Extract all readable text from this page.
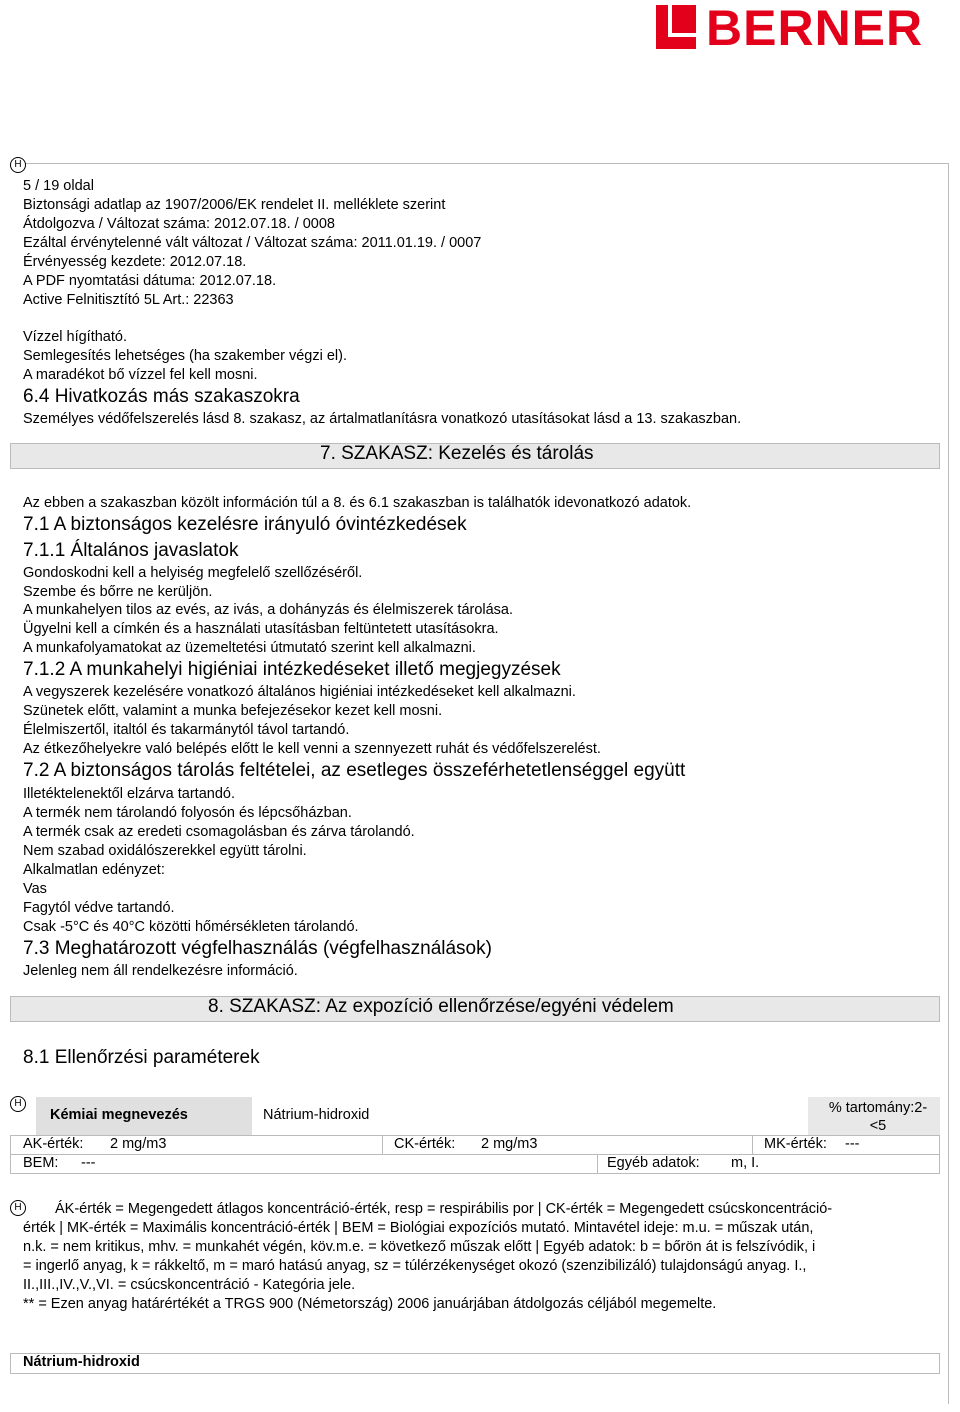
BERNER
H
5 / 19 oldal
Biztonsági adatlap az 1907/2006/EK rendelet II. melléklete szerint
Átdolgozva / Változat száma: 2012.07.18. / 0008
Ezáltal érvénytelenné vált változat / Változat száma: 2011.01.19. / 0007
Érvényesség kezdete: 2012.07.18.
A PDF nyomtatási dátuma: 2012.07.18.
Active Felnitisztító 5L Art.: 22363
Vízzel hígítható.
Semlegesítés lehetséges (ha szakember végzi el).
A maradékot bő vízzel fel kell mosni.
6.4 Hivatkozás más szakaszokra
Személyes védőfelszerelés lásd 8. szakasz, az ártalmatlanításra vonatkozó utasításokat lásd a 13. szakaszban.
7. SZAKASZ: Kezelés és tárolás
Az ebben a szakaszban közölt információn túl a 8. és 6.1 szakaszban is találhatók idevonatkozó adatok.
7.1 A biztonságos kezelésre irányuló óvintézkedések
7.1.1 Általános javaslatok
Gondoskodni kell a helyiség megfelelő szellőzéséről.
Szembe és bőrre ne kerüljön.
A munkahelyen tilos az evés, az ivás, a dohányzás és élelmiszerek tárolása.
Ügyelni kell a címkén és a használati utasításban feltüntetett utasításokra.
A munkafolyamatokat az üzemeltetési útmutató szerint kell alkalmazni.
7.1.2 A munkahelyi higiéniai intézkedéseket illető megjegyzések
A vegyszerek kezelésére vonatkozó általános higiéniai intézkedéseket kell alkalmazni.
Szünetek előtt, valamint a munka befejezésekor kezet kell mosni.
Élelmiszertől, italtól és takarmánytól távol tartandó.
Az étkezőhelyekre való belépés előtt le kell venni a szennyezett ruhát és védőfelszerelést.
7.2 A biztonságos tárolás feltételei, az esetleges összeférhetetlenséggel együtt
Illetéktelenektől elzárva tartandó.
A termék nem tárolandó folyosón és lépcsőházban.
A termék csak az eredeti csomagolásban és zárva tárolandó.
Nem szabad oxidálószerekkel együtt tárolni.
Alkalmatlan edényzet:
Vas
Fagytól védve tartandó.
Csak -5°C és 40°C közötti hőmérsékleten tárolandó.
7.3 Meghatározott végfelhasználás (végfelhasználások)
Jelenleg nem áll rendelkezésre információ.
8. SZAKASZ: Az expozíció ellenőrzése/egyéni védelem
8.1 Ellenőrzési paraméterek
H
Kémiai megnevezés	Nátrium-hidroxid	% tartomány:2-<5
AK-érték: 2 mg/m3	CK-érték: 2 mg/m3	MK-érték: ---
BEM: ---	Egyéb adatok: m, I.
H	ÁK-érték = Megengedett átlagos koncentráció-érték, resp = respirábilis por | CK-érték = Megengedett csúcskoncentráció-
érték | MK-érték = Maximális koncentráció-érték | BEM = Biológiai expozíciós mutató. Mintavétel ideje: m.u. = műszak után,
n.k. = nem kritikus, mhv. = munkahét végén, köv.m.e. = következő műszak előtt | Egyéb adatok: b = bőrön át is felszívódik, i
= ingerlő anyag, k = rákkeltő, m = maró hatású anyag, sz = túlérzékenységet okozó (szenzibilizáló) tulajdonságú anyag. I.,
II.,III.,IV.,V.,VI. = csúcskoncentráció - Kategória jele.
** = Ezen anyag határértékét a TRGS 900 (Németország) 2006 januárjában átdolgozás céljából megemelte.
Nátrium-hidroxid
